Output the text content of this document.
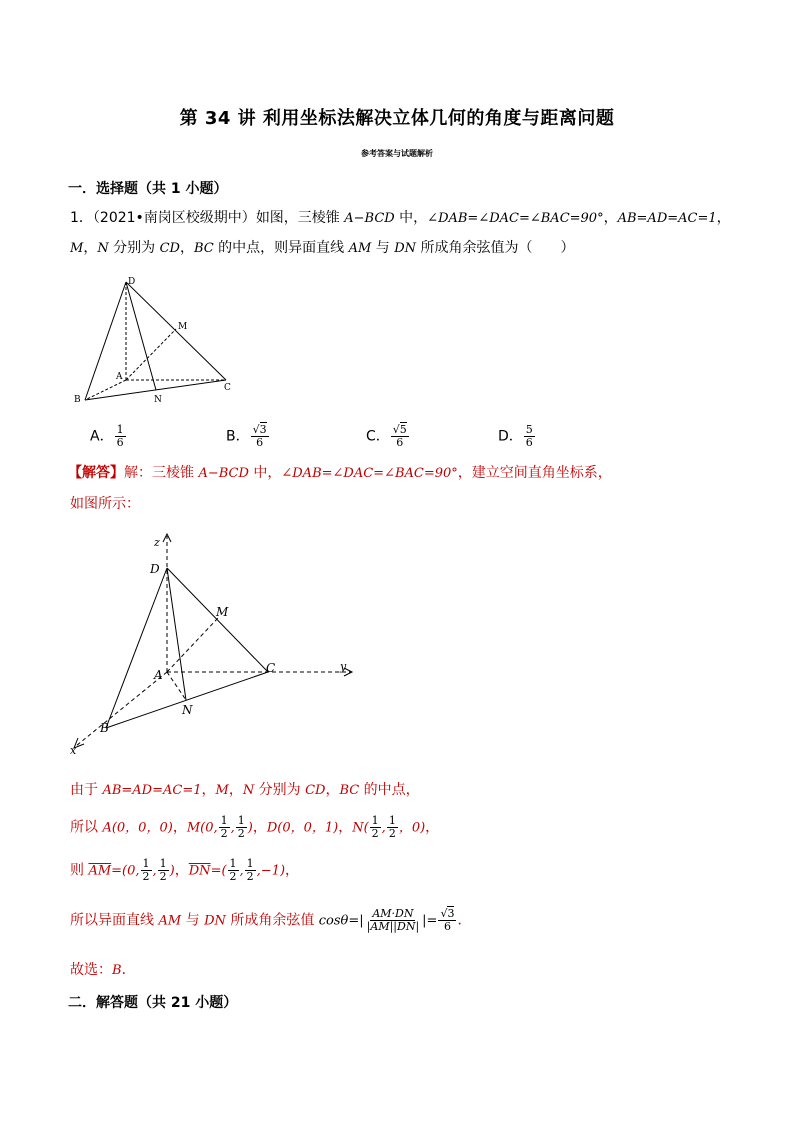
第 34 讲 利用坐标法解决立体几何的角度与距离问题
参考答案与试题解析
一．选择题（共 1 小题）
1．（2021•南岗区校级期中）如图，三棱锥 A−BCD 中，∠DAB=∠DAC=∠BAC=90°，AB=AD=AC=1，
M，N 分别为 CD，BC 的中点，则异面直线 AM 与 DN 所成角余弦值为（　　）
D
M
A
C
B	N
A． $\frac{1}{6}$	B． $\frac{√3}{6}$	C． $\frac{√5}{6}$	D． $\frac{5}{6}$
【解答】解：三棱锥 A−BCD 中，∠DAB=∠DAC=∠BAC=90°，建立空间直角坐标系，
如图所示：
z
D
M
A	C	y
B
N
x
由于 AB=AD=AC=1，M，N 分别为 CD，BC 的中点，
所以 A(0，0，0)，M(0, $\frac{1}{2}$ , $\frac{1}{2}$ )，D(0，0，1)，$N( \frac{1}{2}$ , $\frac{1}{2}$ ，0)，
则 $\overline{AM}=(0$, $\frac{1}{2}$ , $\frac{1}{2}$ )，$\overline{DN}=( \frac{1}{2}$ , $\frac{1}{2} ,-1$)，
所以异面直线 AM 与 DN 所成角余弦值 $\cos\theta=| \frac{AM\cdot DN}{|AM||DN|}$ |= $\frac{√3}{6}$ ．
故选：B．
二．解答题（共 21 小题）
